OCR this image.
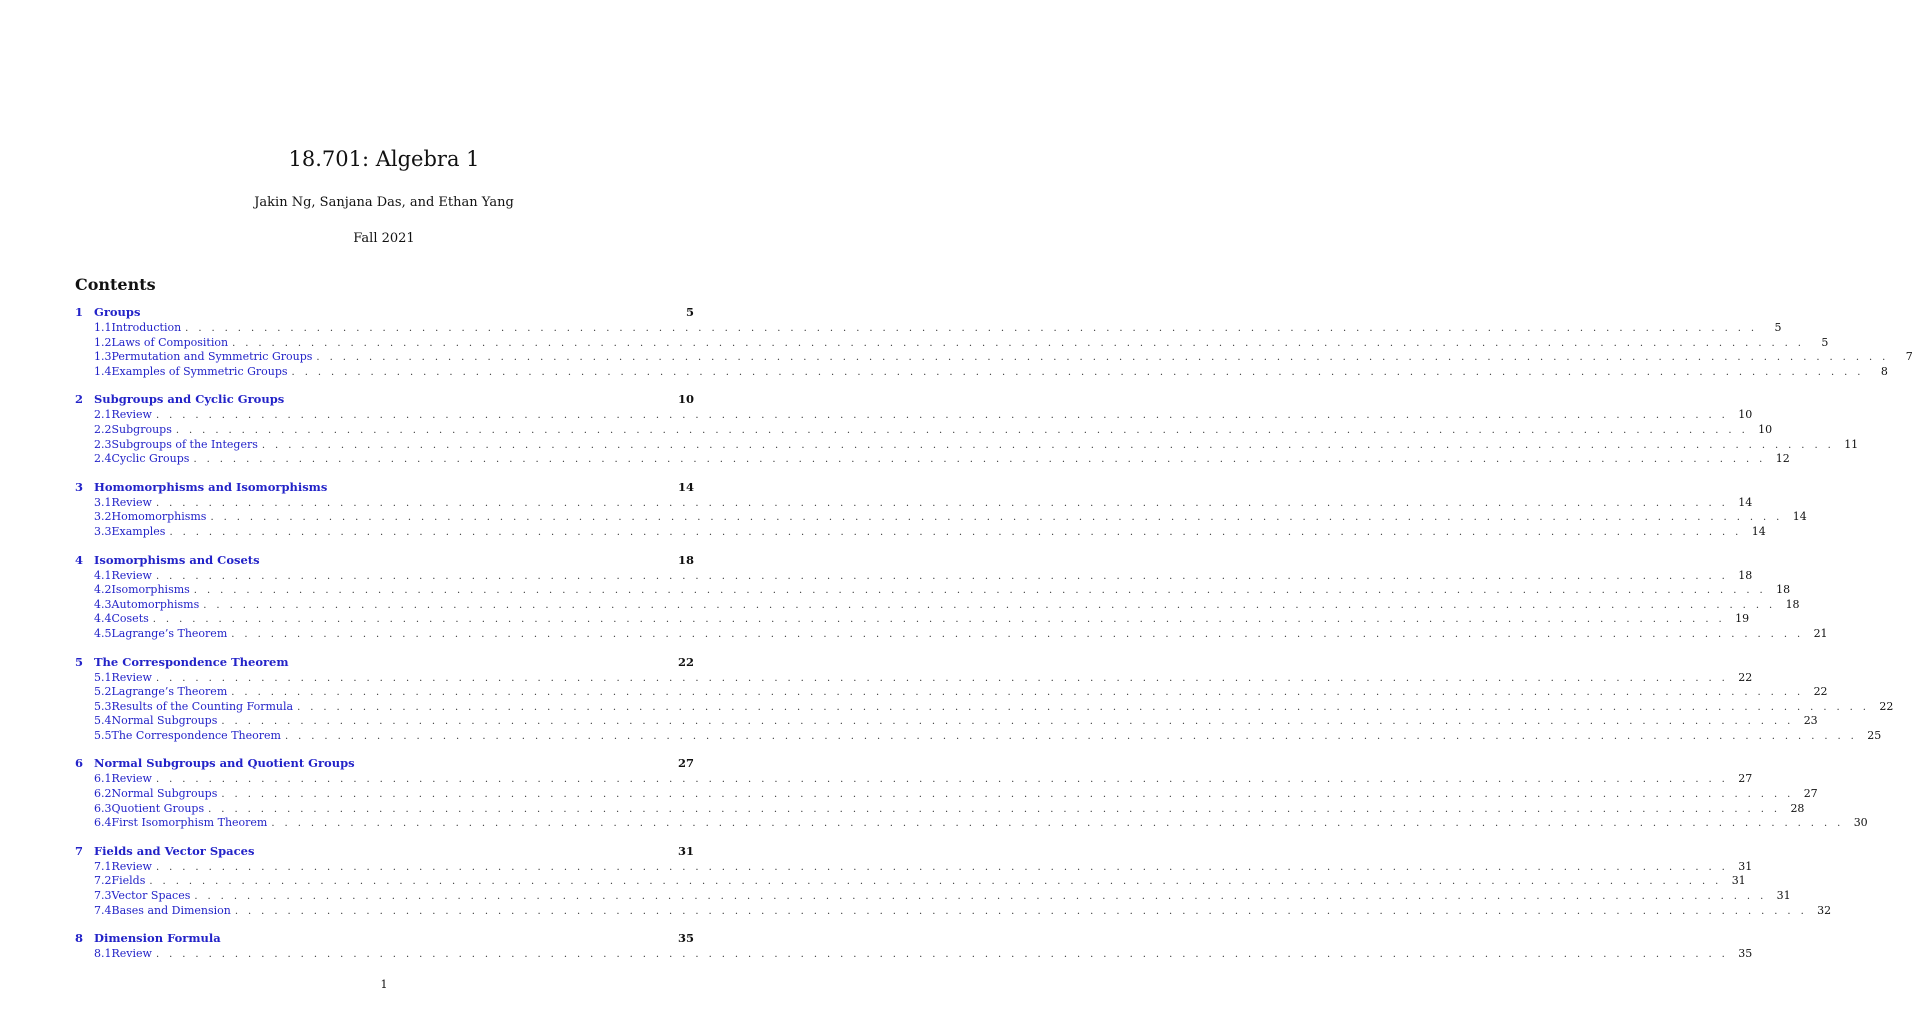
18.701: Algebra 1
Jakin Ng, Sanjana Das, and Ethan Yang
Fall 2021
Contents
1 Groups	5
1.1 Introduction . . . . . . . . . . . . . . . . . . . . . . . . . . . . . . . . . . . . . . . . . . . . . . . . . . . . . . . . . . . . . . . . . . . . . . . . . . . . . . . . . . . . . . . . . . . . . . . . . . . . . . . . . . . . . . . . . . . . . . . .	5
1.2 Laws of Composition . . . . . . . . . . . . . . . . . . . . . . . . . . . . . . . . . . . . . . . . . . . . . . . . . . . . . . . . . . . . . . . . . . . . . . . . . . . . . . . . . . . . . . . . . . . . . . . . . . . . . . . . . . . . . . . . . . . . . . . .	5
1.3 Permutation and Symmetric Groups . . . . . . . . . . . . . . . . . . . . . . . . . . . . . . . . . . . . . . . . . . . . . . . . . . . . . . . . . . . . . . . . . . . . . . . . . . . . . . . . . . . . . . . . . . . . . . . . . . . . . . . . . . . . . . . . . . . . . . . .	7
1.4 Examples of Symmetric Groups . . . . . . . . . . . . . . . . . . . . . . . . . . . . . . . . . . . . . . . . . . . . . . . . . . . . . . . . . . . . . . . . . . . . . . . . . . . . . . . . . . . . . . . . . . . . . . . . . . . . . . . . . . . . . . . . . . . . . . . .	8
2 Subgroups and Cyclic Groups	10
2.1 Review . . . . . . . . . . . . . . . . . . . . . . . . . . . . . . . . . . . . . . . . . . . . . . . . . . . . . . . . . . . . . . . . . . . . . . . . . . . . . . . . . . . . . . . . . . . . . . . . . . . . . . . . . . . . . . . . . . . . . . . . 10
2.2 Subgroups . . . . . . . . . . . . . . . . . . . . . . . . . . . . . . . . . . . . . . . . . . . . . . . . . . . . . . . . . . . . . . . . . . . . . . . . . . . . . . . . . . . . . . . . . . . . . . . . . . . . . . . . . . . . . . . . . . . . . . . . 10
2.3 Subgroups of the Integers . . . . . . . . . . . . . . . . . . . . . . . . . . . . . . . . . . . . . . . . . . . . . . . . . . . . . . . . . . . . . . . . . . . . . . . . . . . . . . . . . . . . . . . . . . . . . . . . . . . . . . . . . . . . . . . . . . . . . . . . 11
2.4 Cyclic Groups . . . . . . . . . . . . . . . . . . . . . . . . . . . . . . . . . . . . . . . . . . . . . . . . . . . . . . . . . . . . . . . . . . . . . . . . . . . . . . . . . . . . . . . . . . . . . . . . . . . . . . . . . . . . . . . . . . . . . . . . 12
3 Homomorphisms and Isomorphisms	14
3.1 Review . . . . . . . . . . . . . . . . . . . . . . . . . . . . . . . . . . . . . . . . . . . . . . . . . . . . . . . . . . . . . . . . . . . . . . . . . . . . . . . . . . . . . . . . . . . . . . . . . . . . . . . . . . . . . . . . . . . . . . . . 14
3.2 Homomorphisms . . . . . . . . . . . . . . . . . . . . . . . . . . . . . . . . . . . . . . . . . . . . . . . . . . . . . . . . . . . . . . . . . . . . . . . . . . . . . . . . . . . . . . . . . . . . . . . . . . . . . . . . . . . . . . . . . . . . . . . . 14
3.3 Examples . . . . . . . . . . . . . . . . . . . . . . . . . . . . . . . . . . . . . . . . . . . . . . . . . . . . . . . . . . . . . . . . . . . . . . . . . . . . . . . . . . . . . . . . . . . . . . . . . . . . . . . . . . . . . . . . . . . . . . . . 14
4 Isomorphisms and Cosets	18
4.1 Review . . . . . . . . . . . . . . . . . . . . . . . . . . . . . . . . . . . . . . . . . . . . . . . . . . . . . . . . . . . . . . . . . . . . . . . . . . . . . . . . . . . . . . . . . . . . . . . . . . . . . . . . . . . . . . . . . . . . . . . . 18
4.2 Isomorphisms . . . . . . . . . . . . . . . . . . . . . . . . . . . . . . . . . . . . . . . . . . . . . . . . . . . . . . . . . . . . . . . . . . . . . . . . . . . . . . . . . . . . . . . . . . . . . . . . . . . . . . . . . . . . . . . . . . . . . . . . 18
4.3 Automorphisms . . . . . . . . . . . . . . . . . . . . . . . . . . . . . . . . . . . . . . . . . . . . . . . . . . . . . . . . . . . . . . . . . . . . . . . . . . . . . . . . . . . . . . . . . . . . . . . . . . . . . . . . . . . . . . . . . . . . . . . . 18
4.4 Cosets . . . . . . . . . . . . . . . . . . . . . . . . . . . . . . . . . . . . . . . . . . . . . . . . . . . . . . . . . . . . . . . . . . . . . . . . . . . . . . . . . . . . . . . . . . . . . . . . . . . . . . . . . . . . . . . . . . . . . . . . 19
4.5 Lagrange’s Theorem . . . . . . . . . . . . . . . . . . . . . . . . . . . . . . . . . . . . . . . . . . . . . . . . . . . . . . . . . . . . . . . . . . . . . . . . . . . . . . . . . . . . . . . . . . . . . . . . . . . . . . . . . . . . . . . . . . . . . . . . 21
5 The Correspondence Theorem	22
5.1 Review . . . . . . . . . . . . . . . . . . . . . . . . . . . . . . . . . . . . . . . . . . . . . . . . . . . . . . . . . . . . . . . . . . . . . . . . . . . . . . . . . . . . . . . . . . . . . . . . . . . . . . . . . . . . . . . . . . . . . . . . 22
5.2 Lagrange’s Theorem . . . . . . . . . . . . . . . . . . . . . . . . . . . . . . . . . . . . . . . . . . . . . . . . . . . . . . . . . . . . . . . . . . . . . . . . . . . . . . . . . . . . . . . . . . . . . . . . . . . . . . . . . . . . . . . . . . . . . . . . 22
5.3 Results of the Counting Formula . . . . . . . . . . . . . . . . . . . . . . . . . . . . . . . . . . . . . . . . . . . . . . . . . . . . . . . . . . . . . . . . . . . . . . . . . . . . . . . . . . . . . . . . . . . . . . . . . . . . . . . . . . . . . . . . . . . . . . . . 22
5.4 Normal Subgroups . . . . . . . . . . . . . . . . . . . . . . . . . . . . . . . . . . . . . . . . . . . . . . . . . . . . . . . . . . . . . . . . . . . . . . . . . . . . . . . . . . . . . . . . . . . . . . . . . . . . . . . . . . . . . . . . . . . . . . . . 23
5.5 The Correspondence Theorem . . . . . . . . . . . . . . . . . . . . . . . . . . . . . . . . . . . . . . . . . . . . . . . . . . . . . . . . . . . . . . . . . . . . . . . . . . . . . . . . . . . . . . . . . . . . . . . . . . . . . . . . . . . . . . . . . . . . . . . . 25
6 Normal Subgroups and Quotient Groups	27
6.1 Review . . . . . . . . . . . . . . . . . . . . . . . . . . . . . . . . . . . . . . . . . . . . . . . . . . . . . . . . . . . . . . . . . . . . . . . . . . . . . . . . . . . . . . . . . . . . . . . . . . . . . . . . . . . . . . . . . . . . . . . . 27
6.2 Normal Subgroups . . . . . . . . . . . . . . . . . . . . . . . . . . . . . . . . . . . . . . . . . . . . . . . . . . . . . . . . . . . . . . . . . . . . . . . . . . . . . . . . . . . . . . . . . . . . . . . . . . . . . . . . . . . . . . . . . . . . . . . . 27
6.3 Quotient Groups . . . . . . . . . . . . . . . . . . . . . . . . . . . . . . . . . . . . . . . . . . . . . . . . . . . . . . . . . . . . . . . . . . . . . . . . . . . . . . . . . . . . . . . . . . . . . . . . . . . . . . . . . . . . . . . . . . . . . . . . 28
6.4 First Isomorphism Theorem . . . . . . . . . . . . . . . . . . . . . . . . . . . . . . . . . . . . . . . . . . . . . . . . . . . . . . . . . . . . . . . . . . . . . . . . . . . . . . . . . . . . . . . . . . . . . . . . . . . . . . . . . . . . . . . . . . . . . . . . 30
7 Fields and Vector Spaces	31
7.1 Review . . . . . . . . . . . . . . . . . . . . . . . . . . . . . . . . . . . . . . . . . . . . . . . . . . . . . . . . . . . . . . . . . . . . . . . . . . . . . . . . . . . . . . . . . . . . . . . . . . . . . . . . . . . . . . . . . . . . . . . . 31
7.2 Fields . . . . . . . . . . . . . . . . . . . . . . . . . . . . . . . . . . . . . . . . . . . . . . . . . . . . . . . . . . . . . . . . . . . . . . . . . . . . . . . . . . . . . . . . . . . . . . . . . . . . . . . . . . . . . . . . . . . . . . . . 31
7.3 Vector Spaces . . . . . . . . . . . . . . . . . . . . . . . . . . . . . . . . . . . . . . . . . . . . . . . . . . . . . . . . . . . . . . . . . . . . . . . . . . . . . . . . . . . . . . . . . . . . . . . . . . . . . . . . . . . . . . . . . . . . . . . . 31
7.4 Bases and Dimension . . . . . . . . . . . . . . . . . . . . . . . . . . . . . . . . . . . . . . . . . . . . . . . . . . . . . . . . . . . . . . . . . . . . . . . . . . . . . . . . . . . . . . . . . . . . . . . . . . . . . . . . . . . . . . . . . . . . . . . . 32
8 Dimension Formula	35
8.1 Review . . . . . . . . . . . . . . . . . . . . . . . . . . . . . . . . . . . . . . . . . . . . . . . . . . . . . . . . . . . . . . . . . . . . . . . . . . . . . . . . . . . . . . . . . . . . . . . . . . . . . . . . . . . . . . . . . . . . . . . . 35
1
